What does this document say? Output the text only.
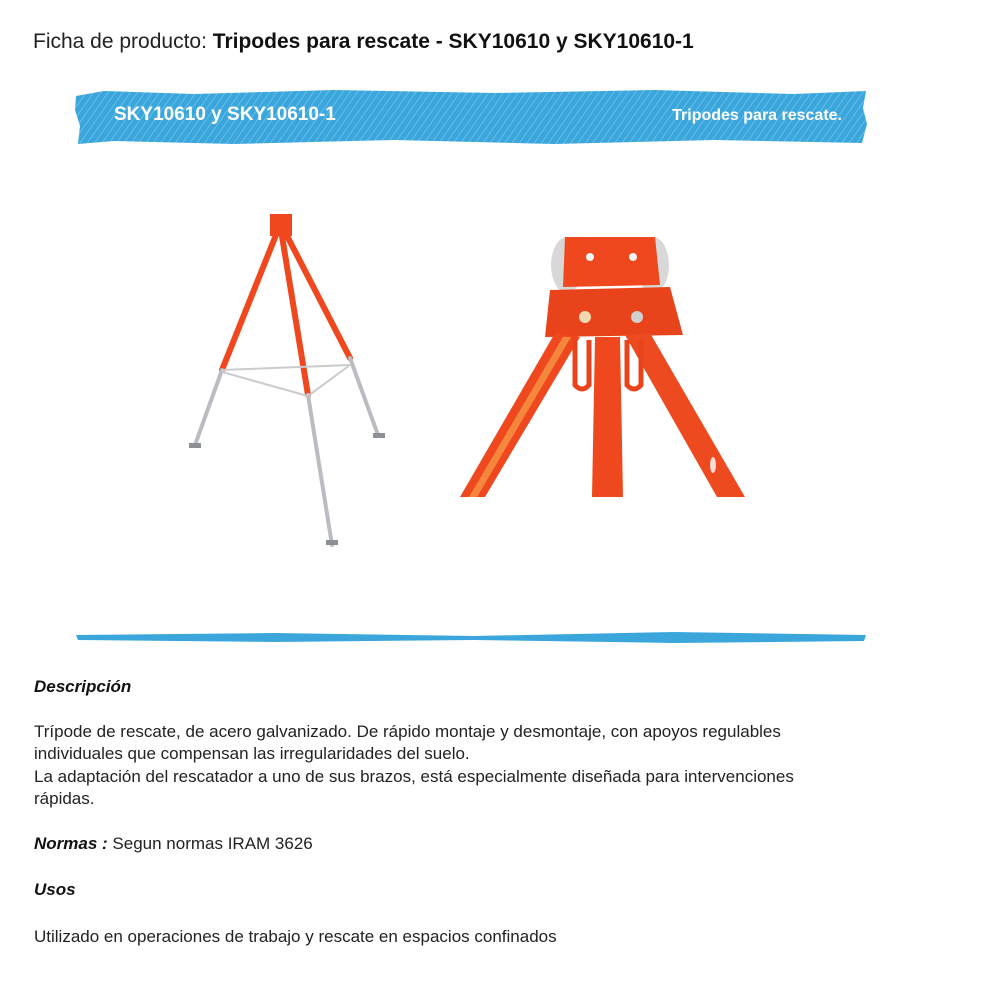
Ficha de producto: Tripodes para rescate - SKY10610 y SKY10610-1
SKY10610 y SKY10610-1	Tripodes para rescate.
Descripción
Trípode de rescate, de acero galvanizado. De rápido montaje y desmontaje, con apoyos regulables individuales que compensan las irregularidades del suelo.
La adaptación del rescatador a uno de sus brazos, está especialmente diseñada para intervenciones rápidas.
Normas : Segun normas IRAM 3626
Usos
Utilizado en operaciones de trabajo y rescate en espacios confinados
